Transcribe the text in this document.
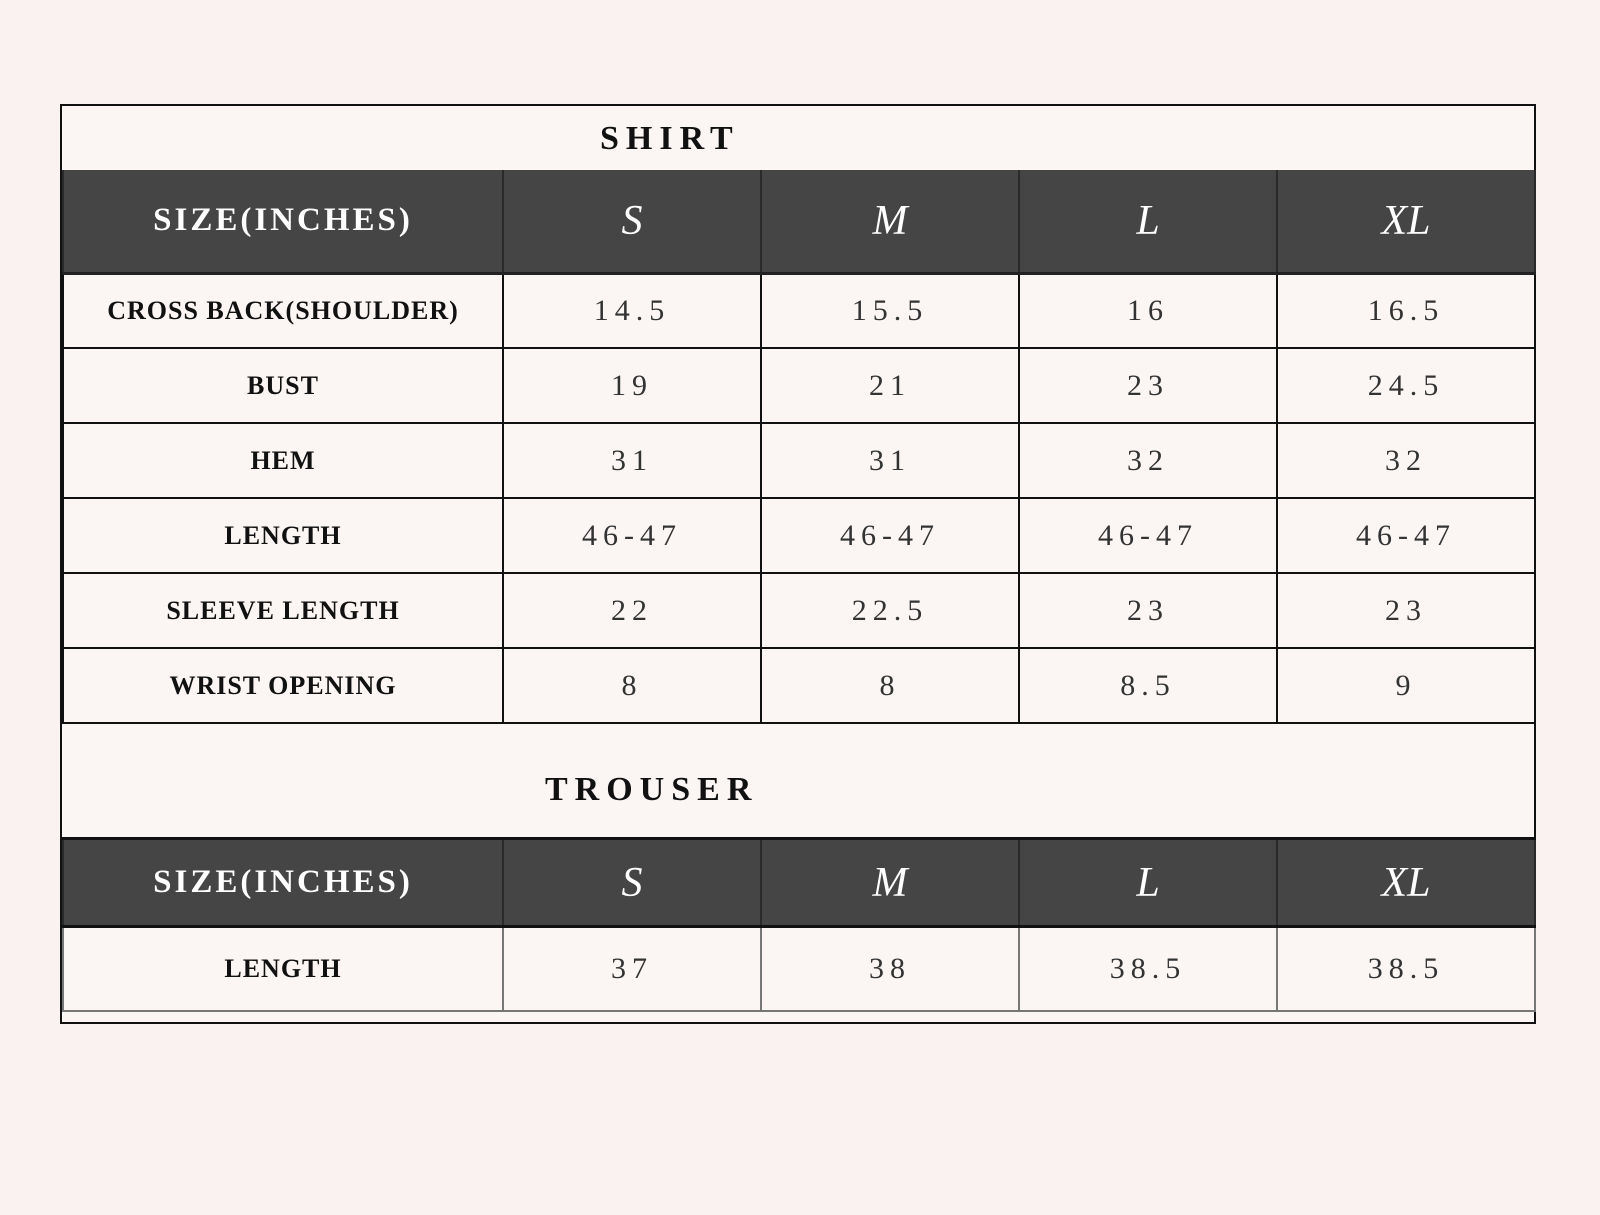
SHIRT
SIZE(INCHES)	S	M	L	XL
CROSS BACK(SHOULDER)	14.5	15.5	16	16.5
BUST	19	21	23	24.5
HEM	31	31	32	32
LENGTH	46-47	46-47	46-47	46-47
SLEEVE LENGTH	22	22.5	23	23
WRIST OPENING	8	8	8.5	9
TROUSER
SIZE(INCHES)	S	M	L	XL
LENGTH	37	38	38.5	38.5
